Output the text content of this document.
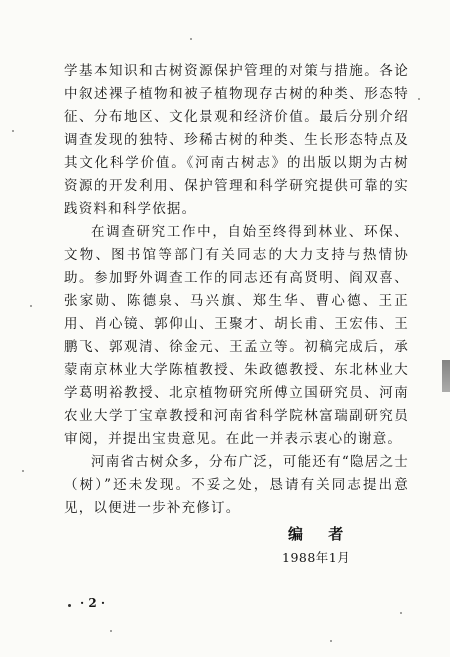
学基本知识和古树资源保护管理的对策与措施。各论中叙述裸子植物和被子植物现存古树的种类、形态特征、分布地区、文化景观和经济价值。最后分别介绍调查发现的独特、珍稀古树的种类、生长形态特点及其文化科学价值。《河南古树志》的出版以期为古树资源的开发利用、保护管理和科学研究提供可靠的实践资料和科学依据。

在调查研究工作中，自始至终得到林业、环保、文物、图书馆等部门有关同志的大力支持与热情协助。参加野外调查工作的同志还有高贤明、阎双喜、张家勋、陈德泉、马兴旗、郑生华、曹心德、王正用、肖心镜、郭仰山、王聚才、胡长甫、王宏伟、王鹏飞、郭观清、徐金元、王孟立等。初稿完成后，承蒙南京林业大学陈植教授、朱政德教授、东北林业大学葛明裕教授、北京植物研究所傅立国研究员、河南农业大学丁宝章教授和河南省科学院林富瑞副研究员审阅，并提出宝贵意见。在此一并表示衷心的谢意。

河南省古树众多，分布广泛，可能还有“隐居之士（树）”还未发现。不妥之处，恳请有关同志提出意见，以便进一步补充修订。

编 者
1988年1月
· 2 ·
